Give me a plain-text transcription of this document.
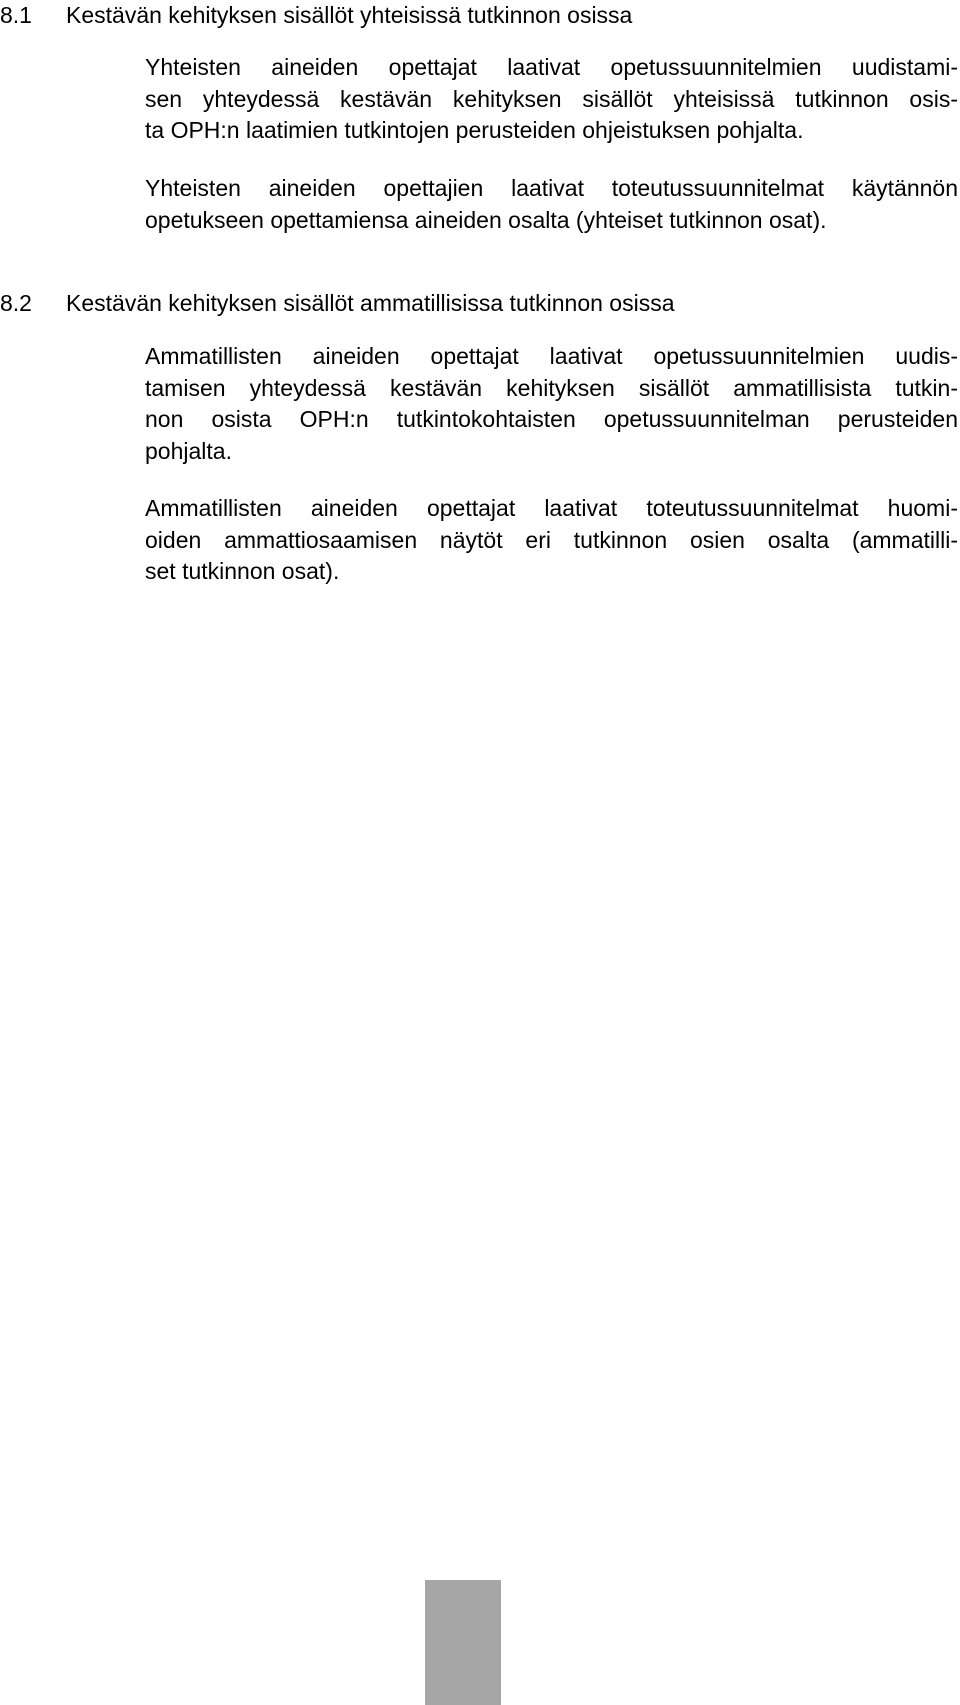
8.1 Kestävän kehityksen sisällöt yhteisissä tutkinnon osissa
Yhteisten aineiden opettajat laativat opetussuunnitelmien uudistami-
sen yhteydessä kestävän kehityksen sisällöt yhteisissä tutkinnon osis-
ta OPH:n laatimien tutkintojen perusteiden ohjeistuksen pohjalta.
Yhteisten aineiden opettajien laativat toteutussuunnitelmat käytännön
opetukseen opettamiensa aineiden osalta (yhteiset tutkinnon osat).
8.2 Kestävän kehityksen sisällöt ammatillisissa tutkinnon osissa
Ammatillisten aineiden opettajat laativat opetussuunnitelmien uudis-
tamisen yhteydessä kestävän kehityksen sisällöt ammatillisista tutkin-
non osista OPH:n tutkintokohtaisten opetussuunnitelman perusteiden
pohjalta.
Ammatillisten aineiden opettajat laativat toteutussuunnitelmat huomi-
oiden ammattiosaamisen näytöt eri tutkinnon osien osalta (ammatilli-
set tutkinnon osat).
